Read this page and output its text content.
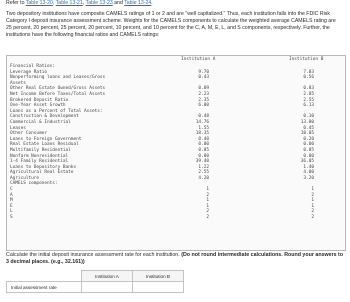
Refer to Table 13-20, Table 13-21, Table 13-23 and Table 13-24.

Two depository institutions have composite CAMELS ratings of 1 or 2 and are "well capitalized." Thus, each institution falls into the FDIC Risk Category I deposit insurance assessment scheme. Weights for the CAMELS components to calculate the weighted average CAMELS rating are 25 percent, 20 percent, 25 percent, 20 percent, 10 percent, and 10 percent for the C, A, M, E, L, and S components, respectively. Further, the institutions have the following financial ratios and CAMELS ratings:

Institution A	Institution B
Financial Ratios:
Leverage Ratio	9.70	7.03
Nonperforming loans and Leases/Gross	0.43	0.56
Assets
Other Real Estate Owned/Gross Assets	0.09	0.83
Net Income Before Taxes/Total Assets	2.23	2.85
Brokered Deposit Ratio	2.35	2.55
One-Year Asset Growth	6.80	6.13
Loans as a Percent of Total Assets:
Construction & Development	0.48	0.10
Commercial & Industrial	14.76	13.80
Leases	1.55	0.45
Other Consumer	18.35	18.05
Loans to Foreign Government	0.40	0.20
Real Estate Loans Residual	0.00	0.00
Multifamily Residential	0.85	0.85
Nonfarm Nonresidential	0.00	0.00
1-4 Family Residential	39.40	36.05
Loans to Depository Banks	1.22	1.40
Agricultural Real Estate	2.55	4.00
Agriculture	4.20	3.20
CAMELS components:
C	1	1
A	2	2
M	1	1
E	1	1
L	2	2
S	2	2
Calculate the initial deposit insurance assessment rate for each institution. (Do not round intermediate calculations. Round your answers to 3 decimal places. (e.g., 32.161))
	Institution A	Institution B
Initial assessment rate		
